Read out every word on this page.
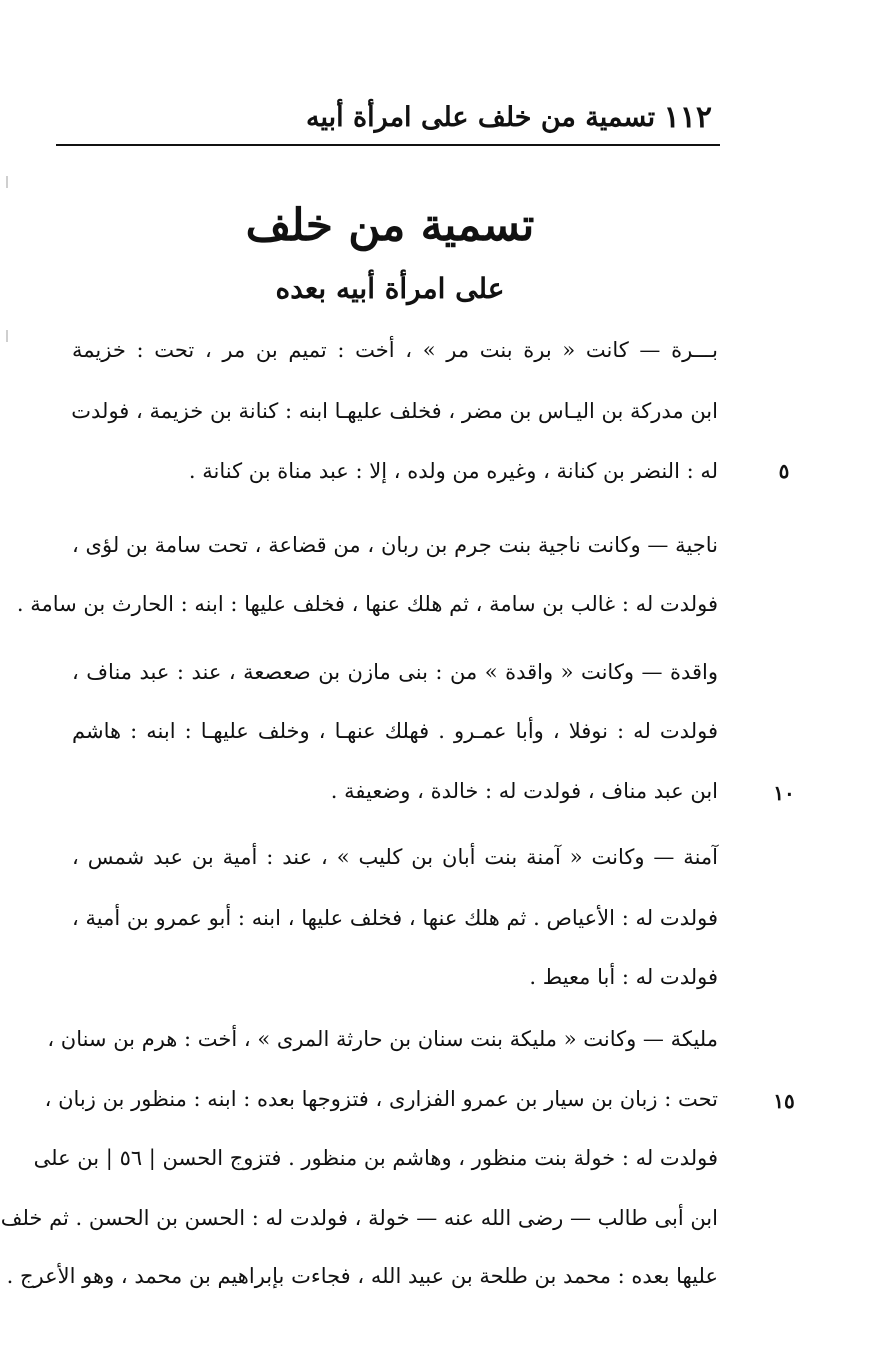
تسمية من خلف على امرأة أبيه ١١٢
تسمية من خلف
على امرأة أبيه بعده
بـــرة — كانت « برة بنت مر » ، أخت : تميم بن مر ، تحت : خزيمة
ابن مدركة بن اليـاس بن مضر ، فخلف عليهـا ابنه : كنانة بن خزيمة ، فولدت
له : النضر بن كنانة ، وغيره من ولده ، إلا : عبد مناة بن كنانة .	٥
ناجية — وكانت ناجية بنت جرم بن ربان ، من قضاعة ، تحت سامة بن لؤى ،
فولدت له : غالب بن سامة ، ثم هلك عنها ، فخلف عليها : ابنه : الحارث بن سامة .
واقدة — وكانت « واقدة » من : بنى مازن بن صعصعة ، عند : عبد مناف ،
فولدت له : نوفلا ، وأبا عمـرو . فهلك عنهـا ، وخلف عليهـا : ابنه : هاشم
ابن عبد مناف ، فولدت له : خالدة ، وضعيفة .	١٠
آمنة — وكانت « آمنة بنت أبان بن كليب » ، عند : أمية بن عبد شمس ،
فولدت له : الأعياص . ثم هلك عنها ، فخلف عليها ، ابنه : أبو عمرو بن أمية ،
فولدت له : أبا معيط .
مليكة — وكانت « مليكة بنت سنان بن حارثة المرى » ، أخت : هرم بن سنان ،
تحت : زبان بن سيار بن عمرو الفزارى ، فتزوجها بعده : ابنه : منظور بن زبان ،	١٥
فولدت له : خولة بنت منظور ، وهاشم بن منظور . فتزوج الحسن | ٥٦ | بن على
ابن أبى طالب — رضى الله عنه — خولة ، فولدت له : الحسن بن الحسن . ثم خلف
عليها بعده : محمد بن طلحة بن عبيد الله ، فجاءت بإبراهيم بن محمد ، وهو الأعرج .
